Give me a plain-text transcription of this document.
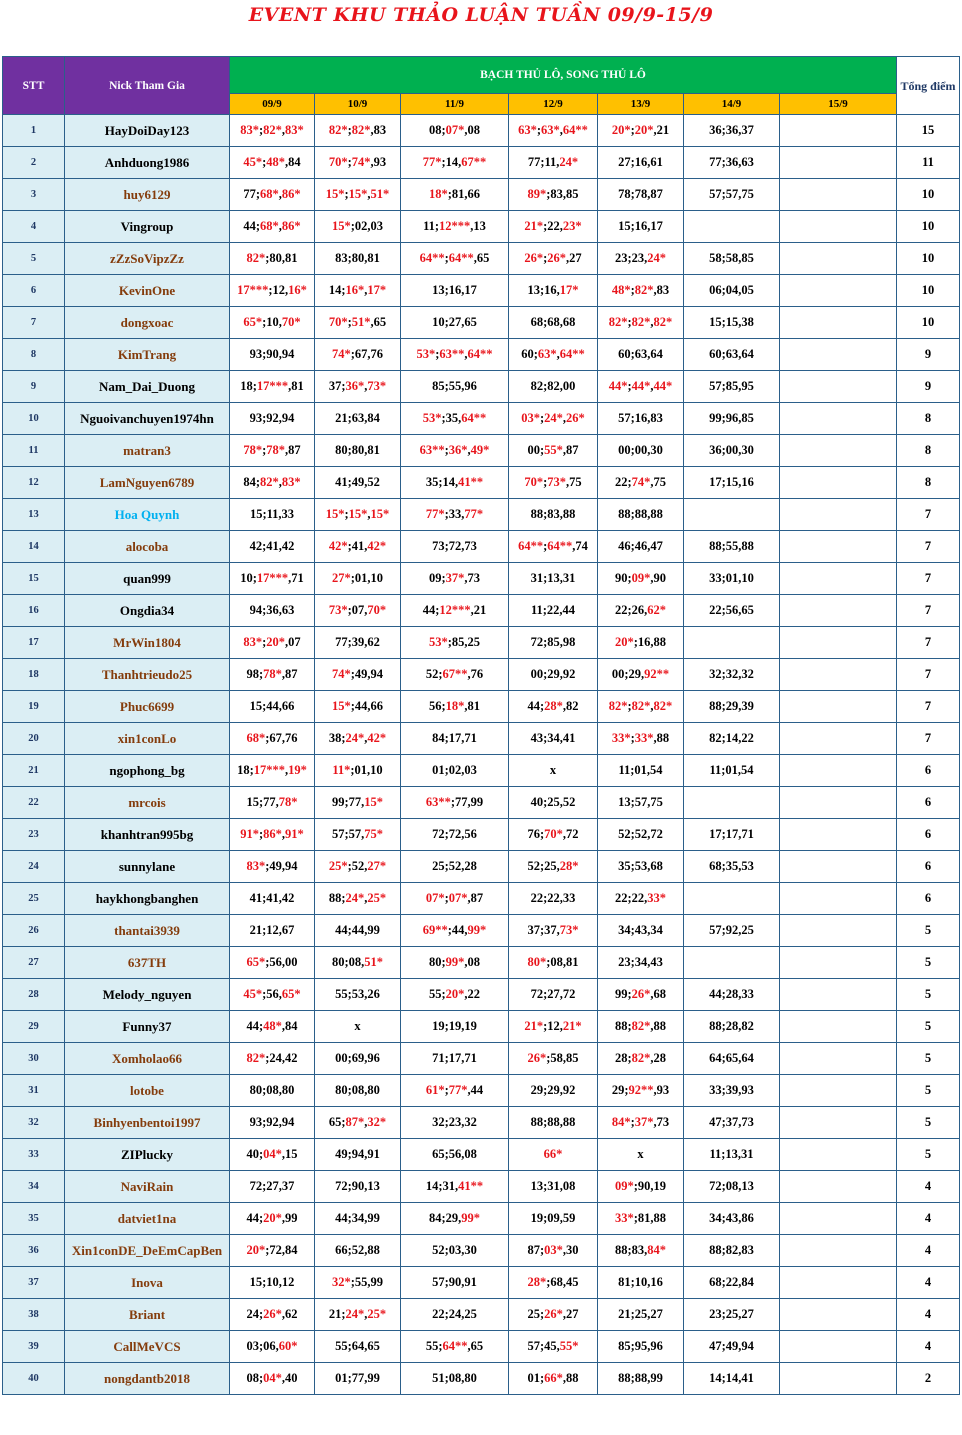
EVENT KHU THẢO LUẬN TUẦN 09/9-15/9
STT	Nick Tham Gia	BẠCH THỦ LÔ, SONG THỦ LÔ							Tổng điểm
		09/9	10/9	11/9	12/9	13/9	14/9	15/9	
1	HayDoiDay123	83*;82*,83*	82*;82*,83	08;07*,08	63*;63*,64**	20*;20*,21	36;36,37		15
2	Anhduong1986	45*;48*,84	70*;74*,93	77*;14,67**	77;11,24*	27;16,61	77;36,63		11
3	huy6129	77;68*,86*	15*;15*,51*	18*;81,66	89*;83,85	78;78,87	57;57,75		10
4	Vingroup	44;68*,86*	15*;02,03	11;12***,13	21*;22,23*	15;16,17			10
5	zZzSoVipzZz	82*;80,81	83;80,81	64**;64**,65	26*;26*,27	23;23,24*	58;58,85		10
6	KevinOne	17***;12,16*	14;16*,17*	13;16,17	13;16,17*	48*;82*,83	06;04,05		10
7	dongxoac	65*;10,70*	70*;51*,65	10;27,65	68;68,68	82*;82*,82*	15;15,38		10
8	KimTrang	93;90,94	74*;67,76	53*;63**,64**	60;63*,64**	60;63,64	60;63,64		9
9	Nam_Dai_Duong	18;17***,81	37;36*,73*	85;55,96	82;82,00	44*;44*,44*	57;85,95		9
10	Nguoivanchuyen1974hn	93;92,94	21;63,84	53*;35,64**	03*;24*,26*	57;16,83	99;96,85		8
11	matran3	78*;78*,87	80;80,81	63**;36*,49*	00;55*,87	00;00,30	36;00,30		8
12	LamNguyen6789	84;82*,83*	41;49,52	35;14,41**	70*;73*,75	22;74*,75	17;15,16		8
13	Hoa Quynh	15;11,33	15*;15*,15*	77*;33,77*	88;83,88	88;88,88			7
14	alocoba	42;41,42	42*;41,42*	73;72,73	64**;64**,74	46;46,47	88;55,88		7
15	quan999	10;17***,71	27*;01,10	09;37*,73	31;13,31	90;09*,90	33;01,10		7
16	Ongdia34	94;36,63	73*;07,70*	44;12***,21	11;22,44	22;26,62*	22;56,65		7
17	MrWin1804	83*;20*,07	77;39,62	53*;85,25	72;85,98	20*;16,88			7
18	Thanhtrieudo25	98;78*,87	74*;49,94	52;67**,76	00;29,92	00;29,92**	32;32,32		7
19	Phuc6699	15;44,66	15*;44,66	56;18*,81	44;28*,82	82*;82*,82*	88;29,39		7
20	xin1conLo	68*;67,76	38;24*,42*	84;17,71	43;34,41	33*;33*,88	82;14,22		7
21	ngophong_bg	18;17***,19*	11*;01,10	01;02,03	x	11;01,54	11;01,54		6
22	mrcois	15;77,78*	99;77,15*	63**;77,99	40;25,52	13;57,75			6
23	khanhtran995bg	91*;86*,91*	57;57,75*	72;72,56	76;70*,72	52;52,72	17;17,71		6
24	sunnylane	83*;49,94	25*;52,27*	25;52,28	52;25,28*	35;53,68	68;35,53		6
25	haykhongbanghen	41;41,42	88;24*,25*	07*;07*,87	22;22,33	22;22,33*			6
26	thantai3939	21;12,67	44;44,99	69**;44,99*	37;37,73*	34;43,34	57;92,25		5
27	637TH	65*;56,00	80;08,51*	80;99*,08	80*;08,81	23;34,43			5
28	Melody_nguyen	45*;56,65*	55;53,26	55;20*,22	72;27,72	99;26*,68	44;28,33		5
29	Funny37	44;48*,84	x	19;19,19	21*;12,21*	88;82*,88	88;28,82		5
30	Xomholao66	82*;24,42	00;69,96	71;17,71	26*;58,85	28;82*,28	64;65,64		5
31	lotobe	80;08,80	80;08,80	61*;77*,44	29;29,92	29;92**,93	33;39,93		5
32	Binhyenbentoi1997	93;92,94	65;87*,32*	32;23,32	88;88,88	84*;37*,73	47;37,73		5
33	ZIPlucky	40;04*,15	49;94,91	65;56,08	66*	x	11;13,31		5
34	NaviRain	72;27,37	72;90,13	14;31,41**	13;31,08	09*;90,19	72;08,13		4
35	datviet1na	44;20*,99	44;34,99	84;29,99*	19;09,59	33*;81,88	34;43,86		4
36	Xin1conDE_DeEmCapBen	20*;72,84	66;52,88	52;03,30	87;03*,30	88;83,84*	88;82,83		4
37	Inova	15;10,12	32*;55,99	57;90,91	28*;68,45	81;10,16	68;22,84		4
38	Briant	24;26*,62	21;24*,25*	22;24,25	25;26*,27	21;25,27	23;25,27		4
39	CallMeVCS	03;06,60*	55;64,65	55;64**,65	57;45,55*	85;95,96	47;49,94		4
40	nongdantb2018	08;04*,40	01;77,99	51;08,80	01;66*,88	88;88,99	14;14,41		2
